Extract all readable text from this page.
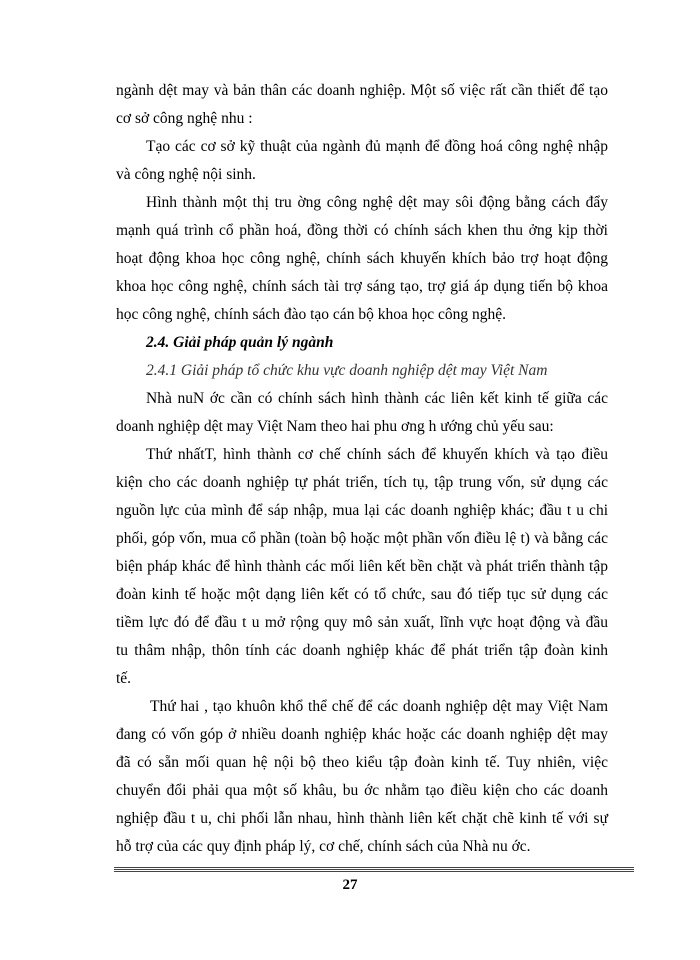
ngành dệt may và bản thân các doanh nghiệp. Một số việc rất cần thiết để tạo
cơ sở công nghệ nhu :
Tạo các cơ sở kỹ thuật của ngành đủ mạnh để đồng hoá công nghệ nhập
và công nghệ nội sinh.
Hình thành một thị tru ờng công nghệ dệt may sôi động bằng cách đẩy
mạnh quá trình cổ phần hoá, đồng thời có chính sách khen thu ởng kịp thời
hoạt động khoa học công nghệ, chính sách khuyến khích bảo trợ hoạt động
khoa học công nghệ, chính sách tài trợ sáng tạo, trợ giá áp dụng tiến bộ khoa
học công nghệ, chính sách đào tạo cán bộ khoa học công nghệ.
2.4. Giải pháp quản lý ngành
2.4.1 Giải pháp tổ chức khu vực doanh nghiệp dệt may Việt Nam
Nhà nuN ớc cần có chính sách hình thành các liên kết kinh tế giữa các
doanh nghiệp dệt may Việt Nam theo hai phu ơng h ướng chủ yếu sau:
Thứ nhấtT, hình thành cơ chế chính sách để khuyến khích và tạo điều
kiện cho các doanh nghiệp tự phát triển, tích tụ, tập trung vốn, sử dụng các
nguồn lực của mình để sáp nhập, mua lại các doanh nghiệp khác; đầu t u chi
phối, góp vốn, mua cổ phần (toàn bộ hoặc một phần vốn điều lệ t) và bằng các
biện pháp khác để hình thành các mối liên kết bền chặt và phát triển thành tập
đoàn kinh tế hoặc một dạng liên kết có tổ chức, sau đó tiếp tục sử dụng các
tiềm lực đó để đầu t u mở rộng quy mô sản xuất, lĩnh vực hoạt động và đầu
tu thâm nhập, thôn tính các doanh nghiệp khác để phát triển tập đoàn kinh
tế.
Thứ hai , tạo khuôn khổ thể chế để các doanh nghiệp dệt may Việt Nam
đang có vốn góp ở nhiều doanh nghiệp khác hoặc các doanh nghiệp dệt may
đã có sẵn mối quan hệ nội bộ theo kiểu tập đoàn kinh tế. Tuy nhiên, việc
chuyển đổi phải qua một số khâu, bu ớc nhằm tạo điều kiện cho các doanh
nghiệp đầu t u, chi phối lẫn nhau, hình thành liên kết chặt chẽ kinh tế với sự
hỗ trợ của các quy định pháp lý, cơ chế, chính sách của Nhà nu ớc.
27
